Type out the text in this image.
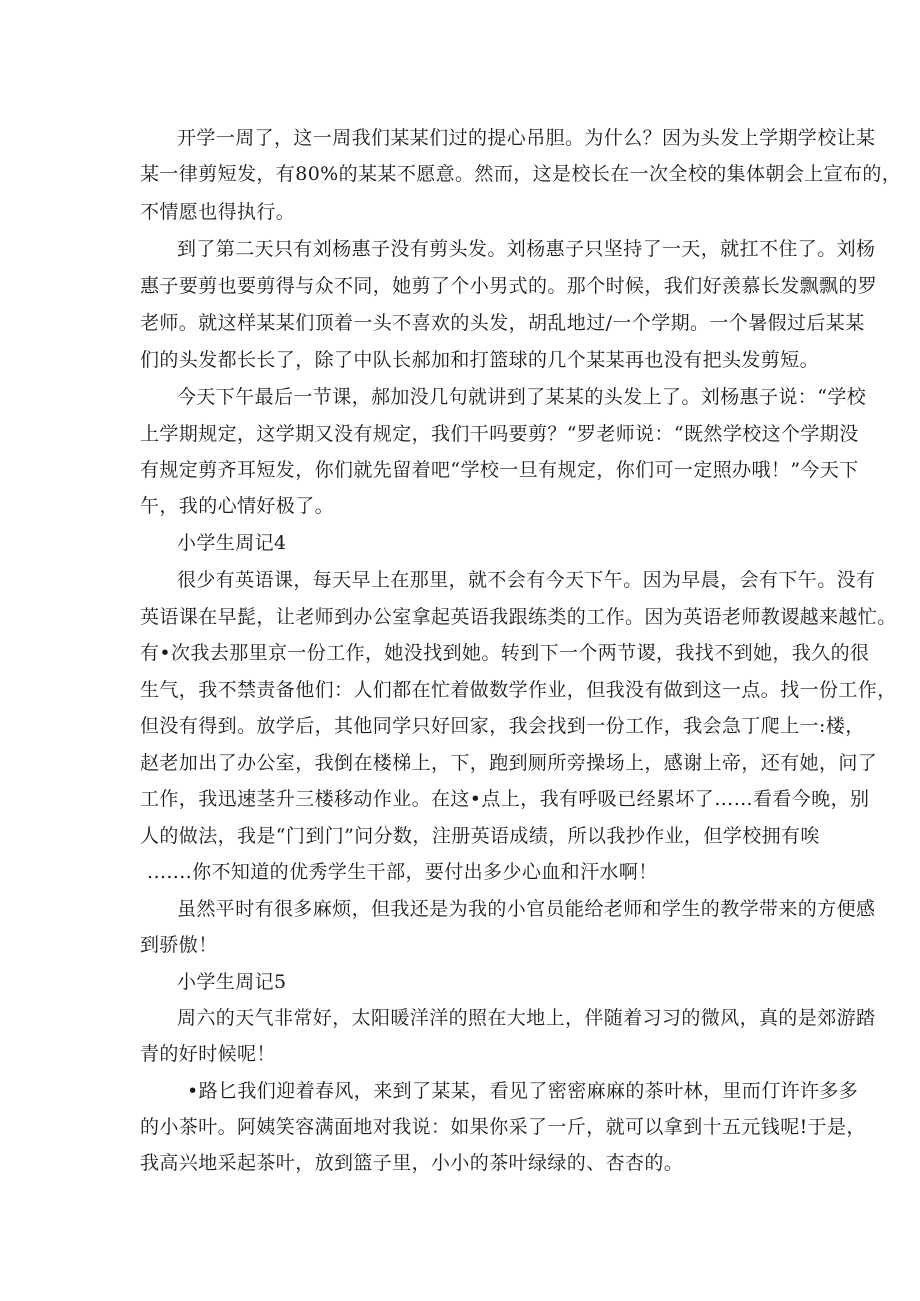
开学一周了，这一周我们某某们过的提心吊胆。为什么？因为头发上学期学校让某
某一律剪短发，有80%的某某不愿意。然而，这是校长在一次全校的集体朝会上宣布的，
不情愿也得执行。
到了第二天只有刘杨惠子没有剪头发。刘杨惠子只坚持了一天，就扛不住了。刘杨
惠子要剪也要剪得与众不同，她剪了个小男式的。那个时候，我们好羡慕长发飘飘的罗
老师。就这样某某们顶着一头不喜欢的头发，胡乱地过/一个学期。一个暑假过后某某
们的头发都长长了，除了中队长郝加和打篮球的几个某某再也没有把头发剪短。
今天下午最后一节课，郝加没几句就讲到了某某的头发上了。刘杨惠子说：“学校
上学期规定，这学期又没有规定，我们干吗要剪？“罗老师说：“既然学校这个学期没
有规定剪齐耳短发，你们就先留着吧“学校一旦有规定，你们可一定照办哦！”今天下
午，我的心情好极了。
小学生周记4
很少有英语课，每天早上在那里，就不会有今天下午。因为早晨，会有下午。没有
英语课在早髭，让老师到办公室拿起英语我跟练类的工作。因为英语老师教谡越来越忙。
有•次我去那里京一份工作，她没找到她。转到下一个两节谡，我找不到她，我久的很
生气，我不禁责备他们：人们都在忙着做数学作业，但我没有做到这一点。找一份工作，
但没有得到。放学后，其他同学只好回家，我会找到一份工作，我会急丁爬上一:楼，
赵老加出了办公室，我倒在楼梯上，下，跑到厕所旁操场上，感谢上帝，还有她，问了
工作，我迅速茎升三楼移动作业。在这•点上，我有呼吸已经累坏了……看看今晚，别
人的做法，我是“门到门”问分数，注册英语成绩，所以我抄作业，但学校拥有唉
.......你不知道的优秀学生干部，要付出多少心血和汗水啊！
虽然平时有很多麻烦，但我还是为我的小官员能给老师和学生的教学带来的方便感
到骄傲！
小学生周记5
周六的天气非常好，太阳暖洋洋的照在大地上，伴随着习习的微风，真的是郊游踏
青的好时候呢！
•路匕我们迎着春风，来到了某某，看见了密密麻麻的茶叶林，里而仃许许多多
的小茶叶。阿姨笑容满面地对我说：如果你采了一斤，就可以拿到十五元钱呢!于是，
我高兴地采起茶叶，放到篮子里，小小的茶叶绿绿的、杏杏的。
